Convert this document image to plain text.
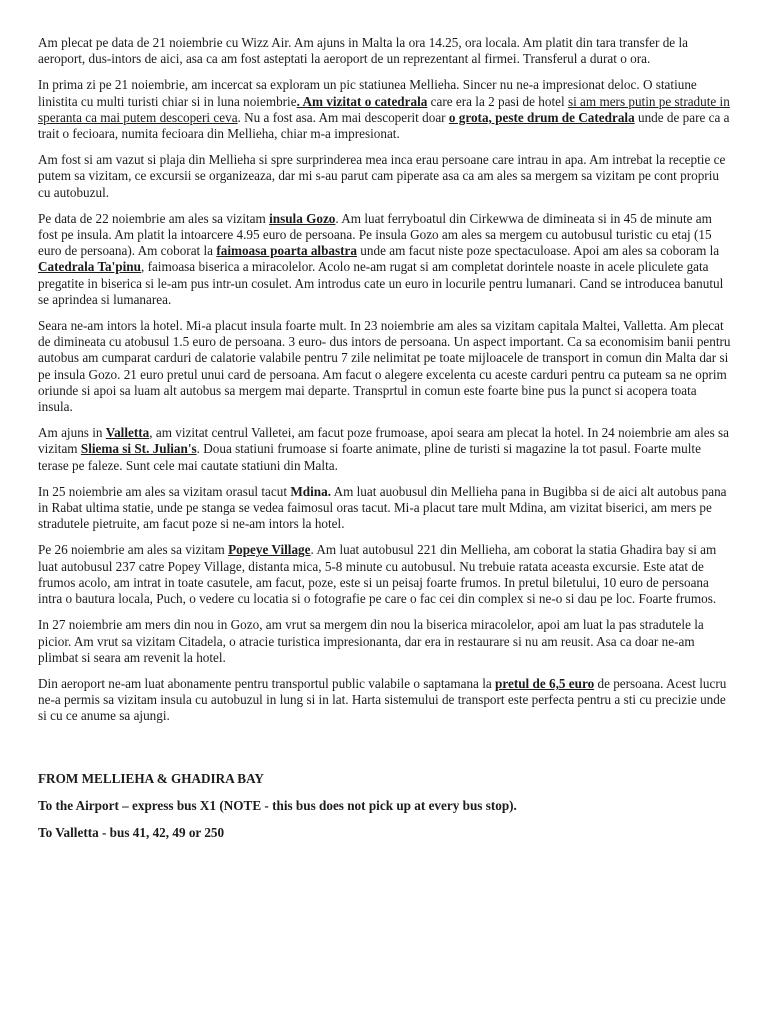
Am plecat pe data de 21 noiembrie cu Wizz Air. Am ajuns in Malta la ora 14.25, ora locala. Am platit din tara transfer de la aeroport, dus-intors de aici, asa ca am fost asteptati la aeroport de un reprezentant al firmei. Transferul a durat o ora.

In prima zi pe 21 noiembrie, am incercat sa exploram un pic statiunea Mellieha. Sincer nu ne-a impresionat deloc. O statiune linistita cu multi turisti chiar si in luna noiembrie. Am vizitat o catedrala care era la 2 pasi de hotel si am mers putin pe stradute in speranta ca mai putem descoperi ceva. Nu a fost asa. Am mai descoperit doar o grota, peste drum de Catedrala unde de pare ca a trait o fecioara, numita fecioara din Mellieha, chiar m-a impresionat.

Am fost si am vazut si plaja din Mellieha si spre surprinderea mea inca erau persoane care intrau in apa. Am intrebat la receptie ce putem sa vizitam, ce excursii se organizeaza, dar mi s-au parut cam piperate asa ca am ales sa mergem sa vizitam pe cont propriu cu autobuzul.

Pe data de 22 noiembrie am ales sa vizitam insula Gozo. Am luat ferryboatul din Cirkewwa de dimineata si in 45 de minute am fost pe insula. Am platit la intoarcere 4.95 euro de persoana. Pe insula Gozo am ales sa mergem cu autobusul turistic cu etaj (15 euro de persoana). Am coborat la faimoasa poarta albastra unde am facut niste poze spectaculoase. Apoi am ales sa coboram la Catedrala Ta'pinu, faimoasa biserica a miracolelor. Acolo ne-am rugat si am completat dorintele noaste in acele pliculete gata pregatite in biserica si le-am pus intr-un cosulet. Am introdus cate un euro in locurile pentru lumanari. Cand se introducea banutul se aprindea si lumanarea.

Seara ne-am intors la hotel. Mi-a placut insula foarte mult. In 23 noiembrie am ales sa vizitam capitala Maltei, Valletta. Am plecat de dimineata cu atobusul 1.5 euro de persoana. 3 euro- dus intors de persoana. Un aspect important. Ca sa economisim banii pentru autobus am cumparat carduri de calatorie valabile pentru 7 zile nelimitat pe toate mijloacele de transport in comun din Malta dar si pe insula Gozo. 21 euro pretul unui card de persoana. Am facut o alegere excelenta cu aceste carduri pentru ca puteam sa ne oprim oriunde si apoi sa luam alt autobus sa mergem mai departe. Transprtul in comun este foarte bine pus la punct si acopera toata insula.

Am ajuns in Valletta, am vizitat centrul Valletei, am facut poze frumoase, apoi seara am plecat la hotel. In 24 noiembrie am ales sa vizitam Sliema si St. Julian's. Doua statiuni frumoase si foarte animate, pline de turisti si magazine la tot pasul. Foarte multe terase pe faleze. Sunt cele mai cautate statiuni din Malta.

In 25 noiembrie am ales sa vizitam orasul tacut Mdina. Am luat auobusul din Mellieha pana in Bugibba si de aici alt autobus pana in Rabat ultima statie, unde pe stanga se vedea faimosul oras tacut. Mi-a placut tare mult Mdina, am vizitat biserici, am mers pe stradutele pietruite, am facut poze si ne-am intors la hotel.

Pe 26 noiembrie am ales sa vizitam Popeye Village. Am luat autobusul 221 din Mellieha, am coborat la statia Ghadira bay si am luat autobusul 237 catre Popey Village, distanta mica, 5-8 minute cu autobusul. Nu trebuie ratata aceasta excursie. Este atat de frumos acolo, am intrat in toate casutele, am facut, poze, este si un peisaj foarte frumos. In pretul biletului, 10 euro de persoana intra o bautura locala, Puch, o vedere cu locatia si o fotografie pe care o fac cei din complex si ne-o si dau pe loc. Foarte frumos.

In 27 noiembrie am mers din nou in Gozo, am vrut sa mergem din nou la biserica miracolelor, apoi am luat la pas stradutele la picior. Am vrut sa vizitam Citadela, o atracie turistica impresionanta, dar era in restaurare si nu am reusit. Asa ca doar ne-am plimbat si seara am revenit la hotel.

Din aeroport ne-am luat abonamente pentru transportul public valabile o saptamana la pretul de 6,5 euro de persoana. Acest lucru ne-a permis sa vizitam insula cu autobuzul in lung si in lat. Harta sistemului de transport este perfecta pentru a sti cu precizie unde si cu ce anume sa ajungi.

FROM MELLIEHA & GHADIRA BAY

To the Airport – express bus X1 (NOTE - this bus does not pick up at every bus stop).

To Valletta - bus 41, 42, 49 or 250
